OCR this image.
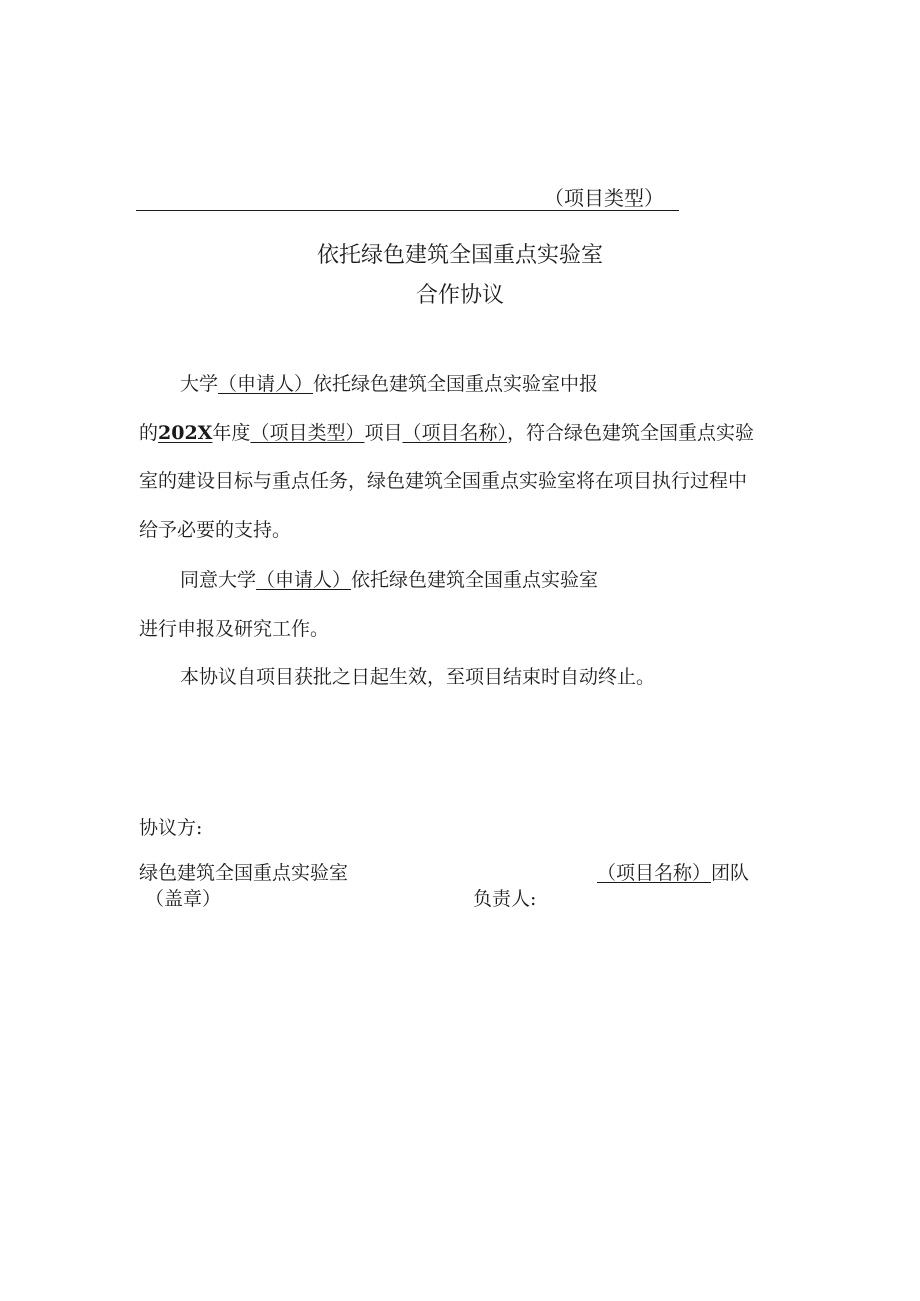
（项目类型）
依托绿色建筑全国重点实验室
合作协议
大学（申请人）依托绿色建筑全国重点实验室中报
的202X年度（项目类型）项目（项目名称），符合绿色建筑全国重点实验
室的建设目标与重点任务，绿色建筑全国重点实验室将在项目执行过程中
给予必要的支持。
同意大学（申请人）依托绿色建筑全国重点实验室
进行申报及研究工作。
本协议自项目获批之日起生效，至项目结束时自动终止。
协议方:
绿色建筑全国重点实验室
（盖章）
（项目名称）团队
负责人:
